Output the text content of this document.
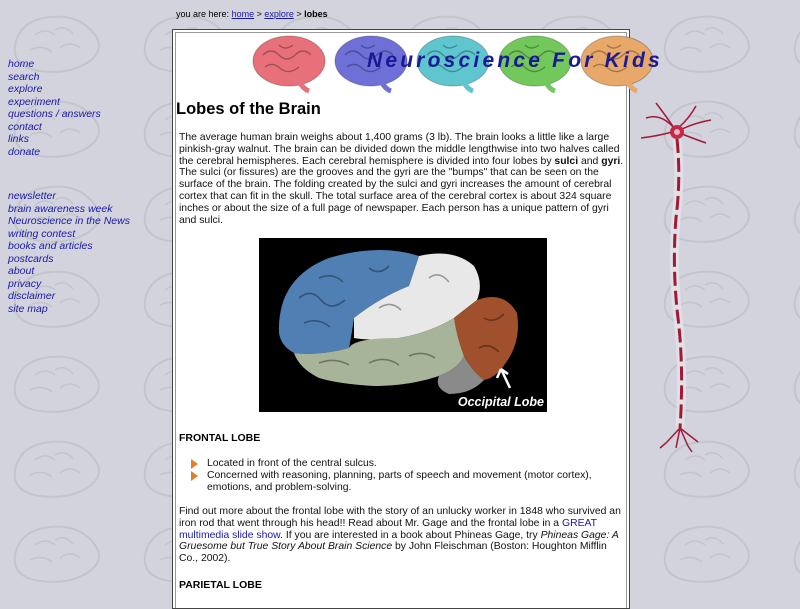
you are here: home > explore > lobes
home
search
explore
experiment
questions / answers
contact
links
donate
newsletter
brain awareness week
Neuroscience in the News
writing contest
books and articles
postcards
about
privacy
disclaimer
site map
Neuroscience For Kids
Lobes of the Brain
The average human brain weighs about 1,400 grams (3 lb). The brain looks a little like a large pinkish-gray walnut. The brain can be divided down the middle lengthwise into two halves called the cerebral hemispheres. Each cerebral hemisphere is divided into four lobes by sulci and gyri. The sulci (or fissures) are the grooves and the gyri are the "bumps" that can be seen on the surface of the brain. The folding created by the sulci and gyri increases the amount of cerebral cortex that can fit in the skull. The total surface area of the cerebral cortex is about 324 square inches or about the size of a full page of newspaper. Each person has a unique pattern of gyri and sulci.
Occipital Lobe
FRONTAL LOBE
Located in front of the central sulcus.
Concerned with reasoning, planning, parts of speech and movement (motor cortex), emotions, and problem-solving.
Find out more about the frontal lobe with the story of an unlucky worker in 1848 who survived an iron rod that went through his head!! Read about Mr. Gage and the frontal lobe in a GREAT multimedia slide show. If you are interested in a book about Phineas Gage, try Phineas Gage: A Gruesome but True Story About Brain Science by John Fleischman (Boston: Houghton Mifflin Co., 2002).
PARIETAL LOBE
